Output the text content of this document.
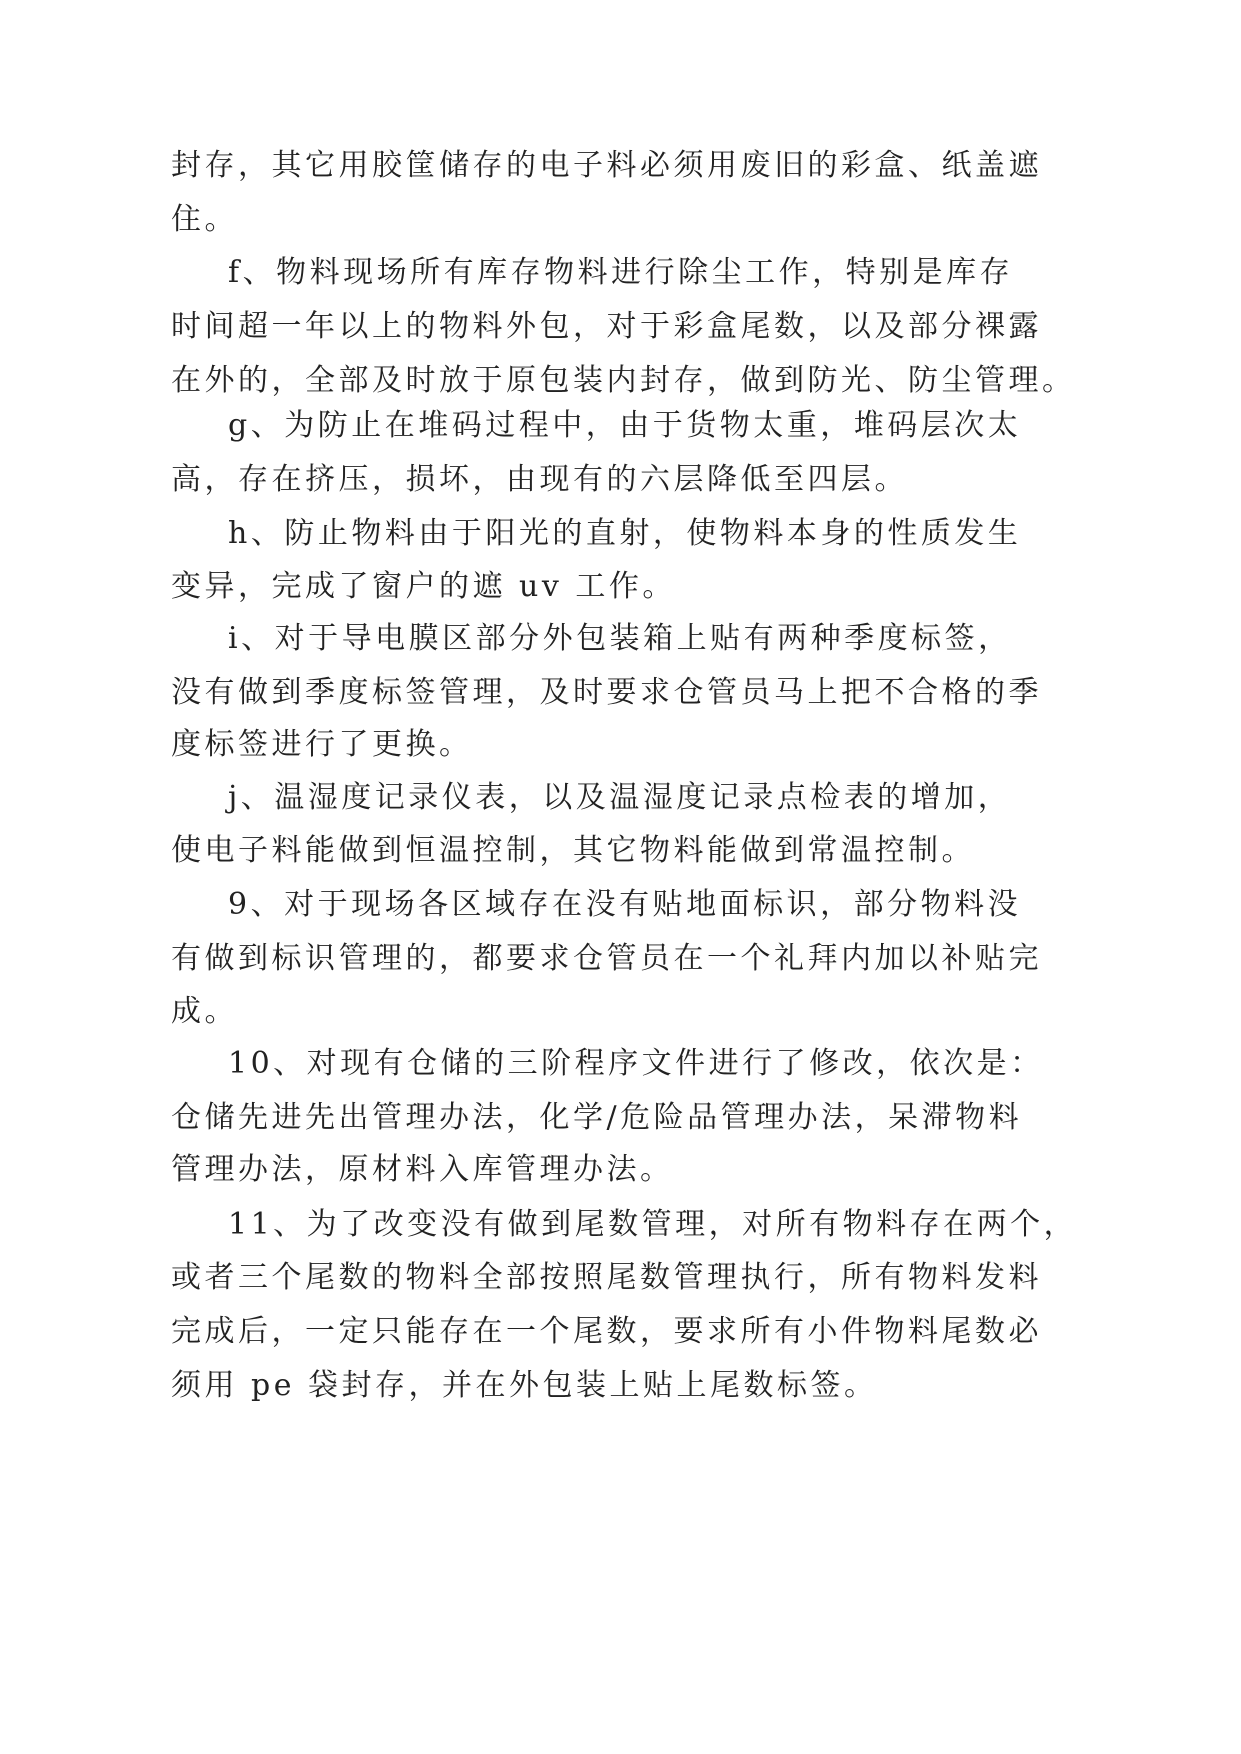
封存，其它用胶筐储存的电子料必须用废旧的彩盒、纸盖遮
住。
f、物料现场所有库存物料进行除尘工作，特别是库存
时间超一年以上的物料外包，对于彩盒尾数，以及部分裸露
在外的，全部及时放于原包装内封存，做到防光、防尘管理。
g、为防止在堆码过程中，由于货物太重，堆码层次太
高，存在挤压，损坏，由现有的六层降低至四层。
h、防止物料由于阳光的直射，使物料本身的性质发生
变异，完成了窗户的遮 uv 工作。
i、对于导电膜区部分外包装箱上贴有两种季度标签，
没有做到季度标签管理，及时要求仓管员马上把不合格的季
度标签进行了更换。
j、温湿度记录仪表，以及温湿度记录点检表的增加，
使电子料能做到恒温控制，其它物料能做到常温控制。
9、对于现场各区域存在没有贴地面标识，部分物料没
有做到标识管理的，都要求仓管员在一个礼拜内加以补贴完
成。
10、对现有仓储的三阶程序文件进行了修改，依次是：
仓储先进先出管理办法，化学/危险品管理办法，呆滞物料
管理办法，原材料入库管理办法。
11、为了改变没有做到尾数管理，对所有物料存在两个，
或者三个尾数的物料全部按照尾数管理执行，所有物料发料
完成后，一定只能存在一个尾数，要求所有小件物料尾数必
须用 pe 袋封存，并在外包装上贴上尾数标签。
